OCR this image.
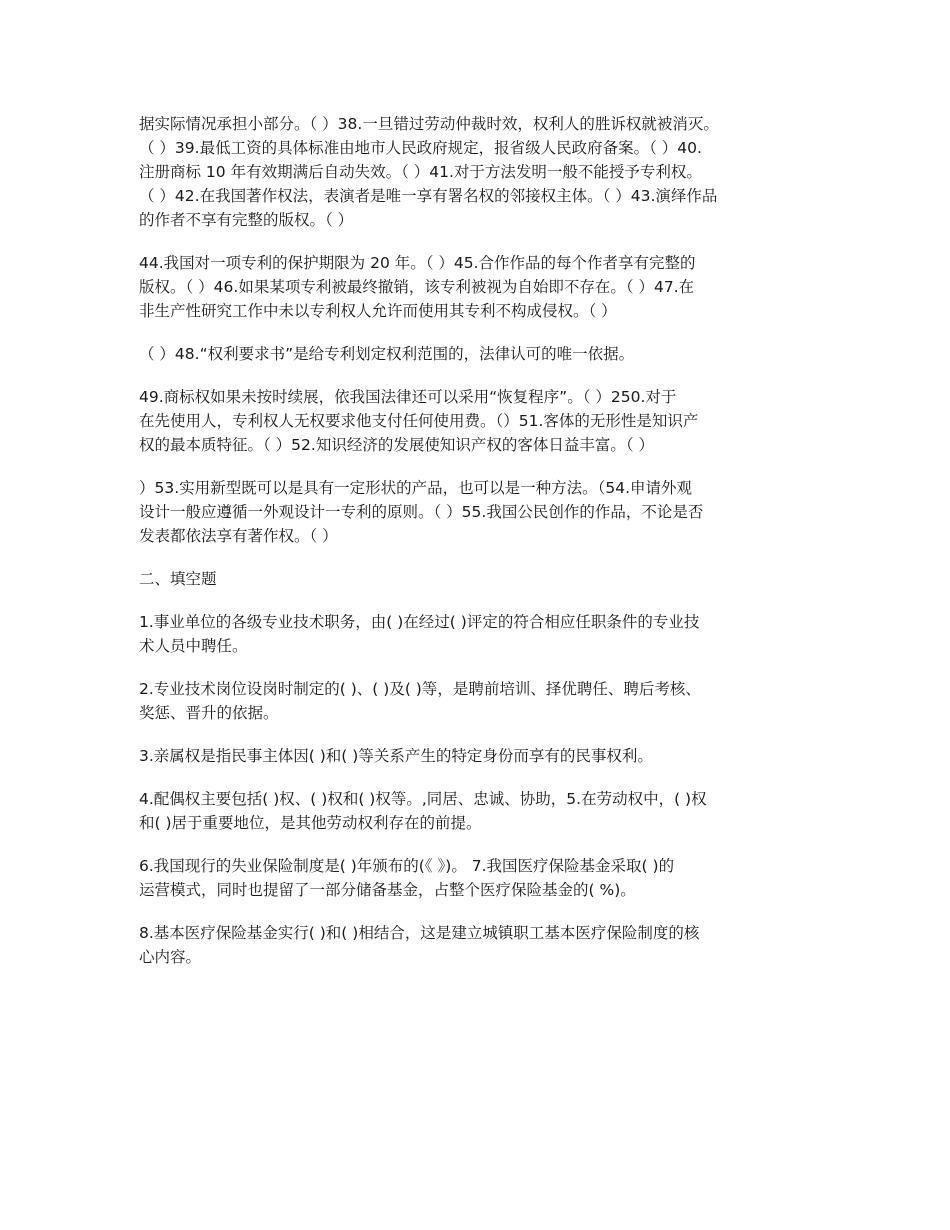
据实际情况承担小部分。（ ）38.一旦错过劳动仲裁时效，权利人的胜诉权就被消灭。
（ ）39.最低工资的具体标准由地市人民政府规定，报省级人民政府备案。（ ）40.
注册商标 10 年有效期满后自动失效。（ ）41.对于方法发明一般不能授予专利权。
（ ）42.在我国著作权法，表演者是唯一享有署名权的邻接权主体。（ ）43.演绎作品
的作者不享有完整的版权。（ ）
44.我国对一项专利的保护期限为 20 年。（ ）45.合作作品的每个作者享有完整的
版权。（ ）46.如果某项专利被最终撤销，该专利被视为自始即不存在。（ ）47.在
非生产性研究工作中未以专利权人允许而使用其专利不构成侵权。（ ）
（ ）48.“权利要求书”是给专利划定权利范围的，法律认可的唯一依据。
49.商标权如果未按时续展，依我国法律还可以采用“恢复程序”。（ ）250.对于
在先使用人，专利权人无权要求他支付任何使用费。（）51.客体的无形性是知识产
权的最本质特征。（ ）52.知识经济的发展使知识产权的客体日益丰富。（ ）
）53.实用新型既可以是具有一定形状的产品，也可以是一种方法。（54.申请外观
设计一般应遵循一外观设计一专利的原则。（ ）55.我国公民创作的作品，不论是否
发表都依法享有著作权。（ ）
二、填空题
1.事业单位的各级专业技术职务，由( )在经过( )评定的符合相应任职条件的专业技
术人员中聘任。
2.专业技术岗位设岗时制定的( )、( )及( )等，是聘前培训、择优聘任、聘后考核、
奖惩、晋升的依据。
3.亲属权是指民事主体因( )和( )等关系产生的特定身份而享有的民事权利。
4.配偶权主要包括( )权、( )权和( )权等。,同居、忠诚、协助，5.在劳动权中，( )权
和( )居于重要地位，是其他劳动权利存在的前提。
6.我国现行的失业保险制度是( )年颁布的(《 》)。 7.我国医疗保险基金采取( )的
运营模式，同时也提留了一部分储备基金，占整个医疗保险基金的( %)。
8.基本医疗保险基金实行( )和( )相结合，这是建立城镇职工基本医疗保险制度的核
心内容。
